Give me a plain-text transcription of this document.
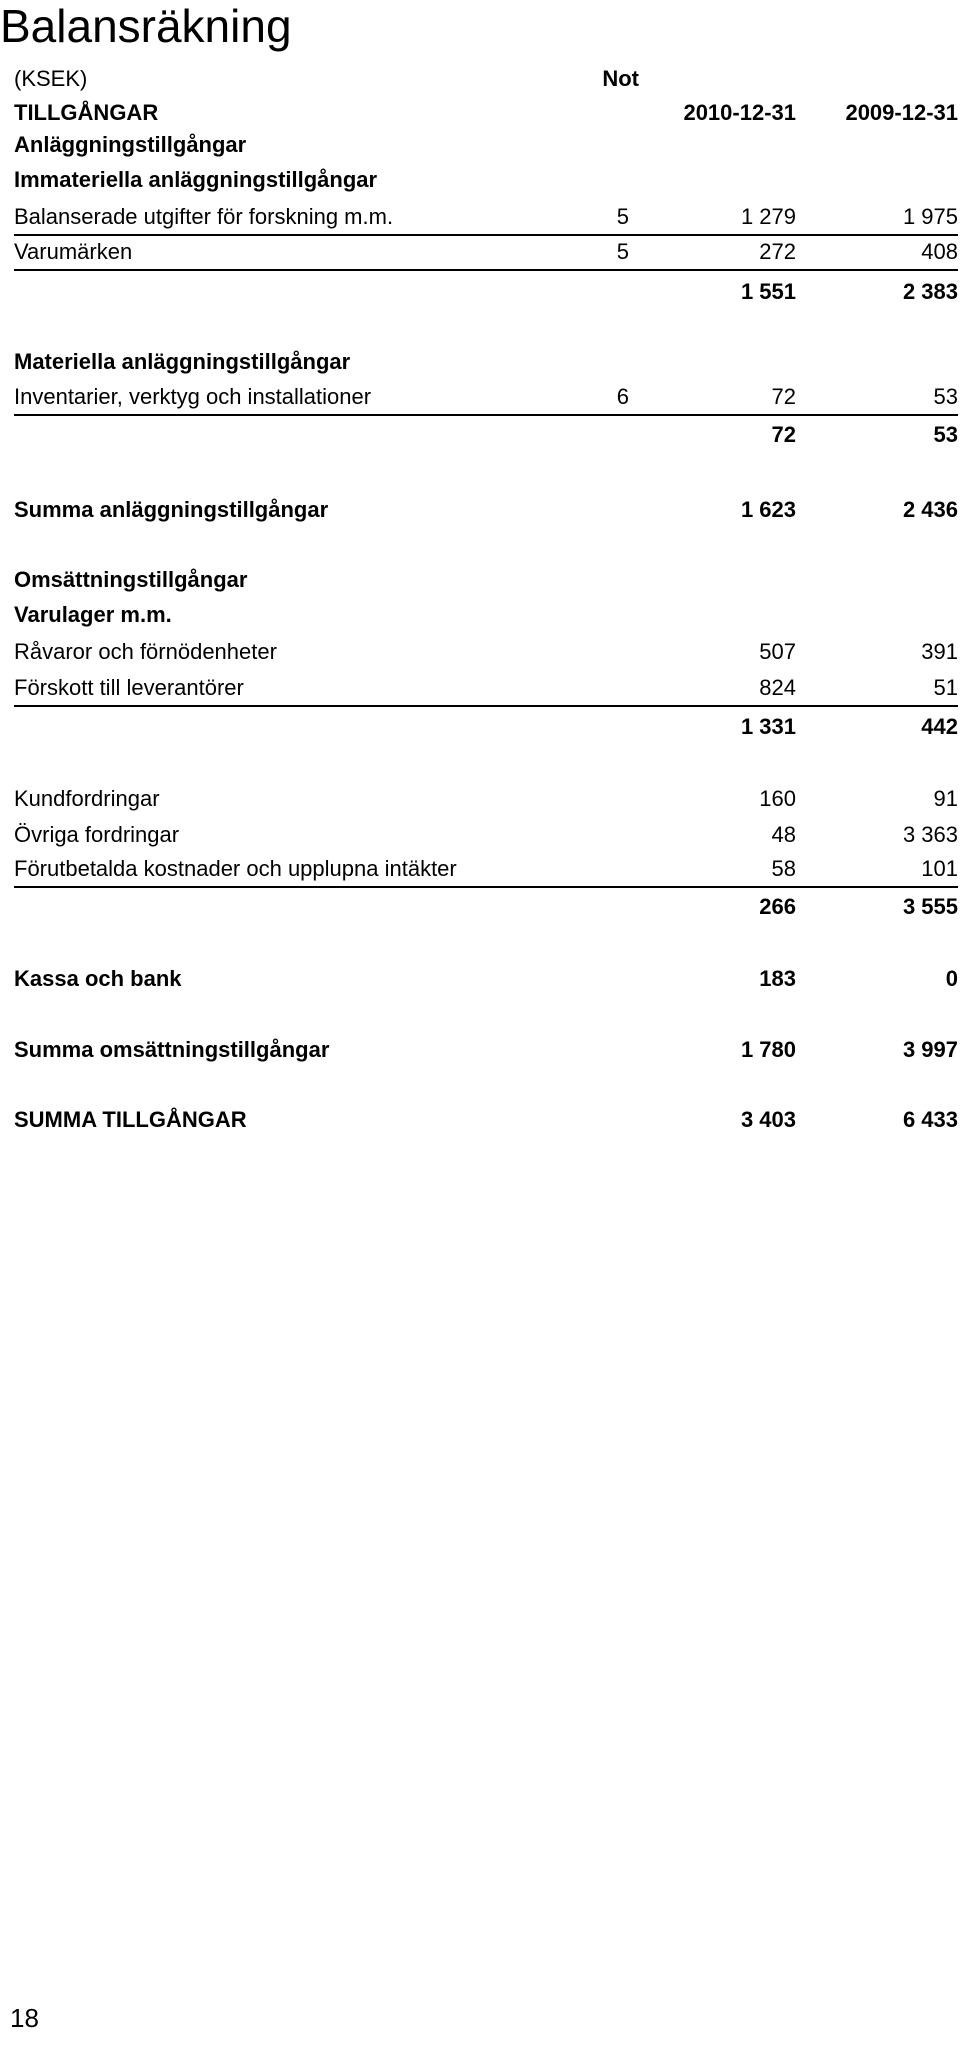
Balansräkning
(KSEK)	Not
TILLGÅNGAR	2010-12-31	2009-12-31
Anläggningstillgångar
Immateriella anläggningstillgångar
Balanserade utgifter för forskning m.m.	5	1 279	1 975
Varumärken	5	272	408
1 551	2 383
Materiella anläggningstillgångar
Inventarier, verktyg och installationer	6	72	53
72	53
Summa anläggningstillgångar	1 623	2 436
Omsättningstillgångar
Varulager m.m.
Råvaror och förnödenheter	507	391
Förskott till leverantörer	824	51
1 331	442
Kundfordringar	160	91
Övriga fordringar	48	3 363
Förutbetalda kostnader och upplupna intäkter	58	101
266	3 555
Kassa och bank	183	0
Summa omsättningstillgångar	1 780	3 997
SUMMA TILLGÅNGAR	3 403	6 433
18
